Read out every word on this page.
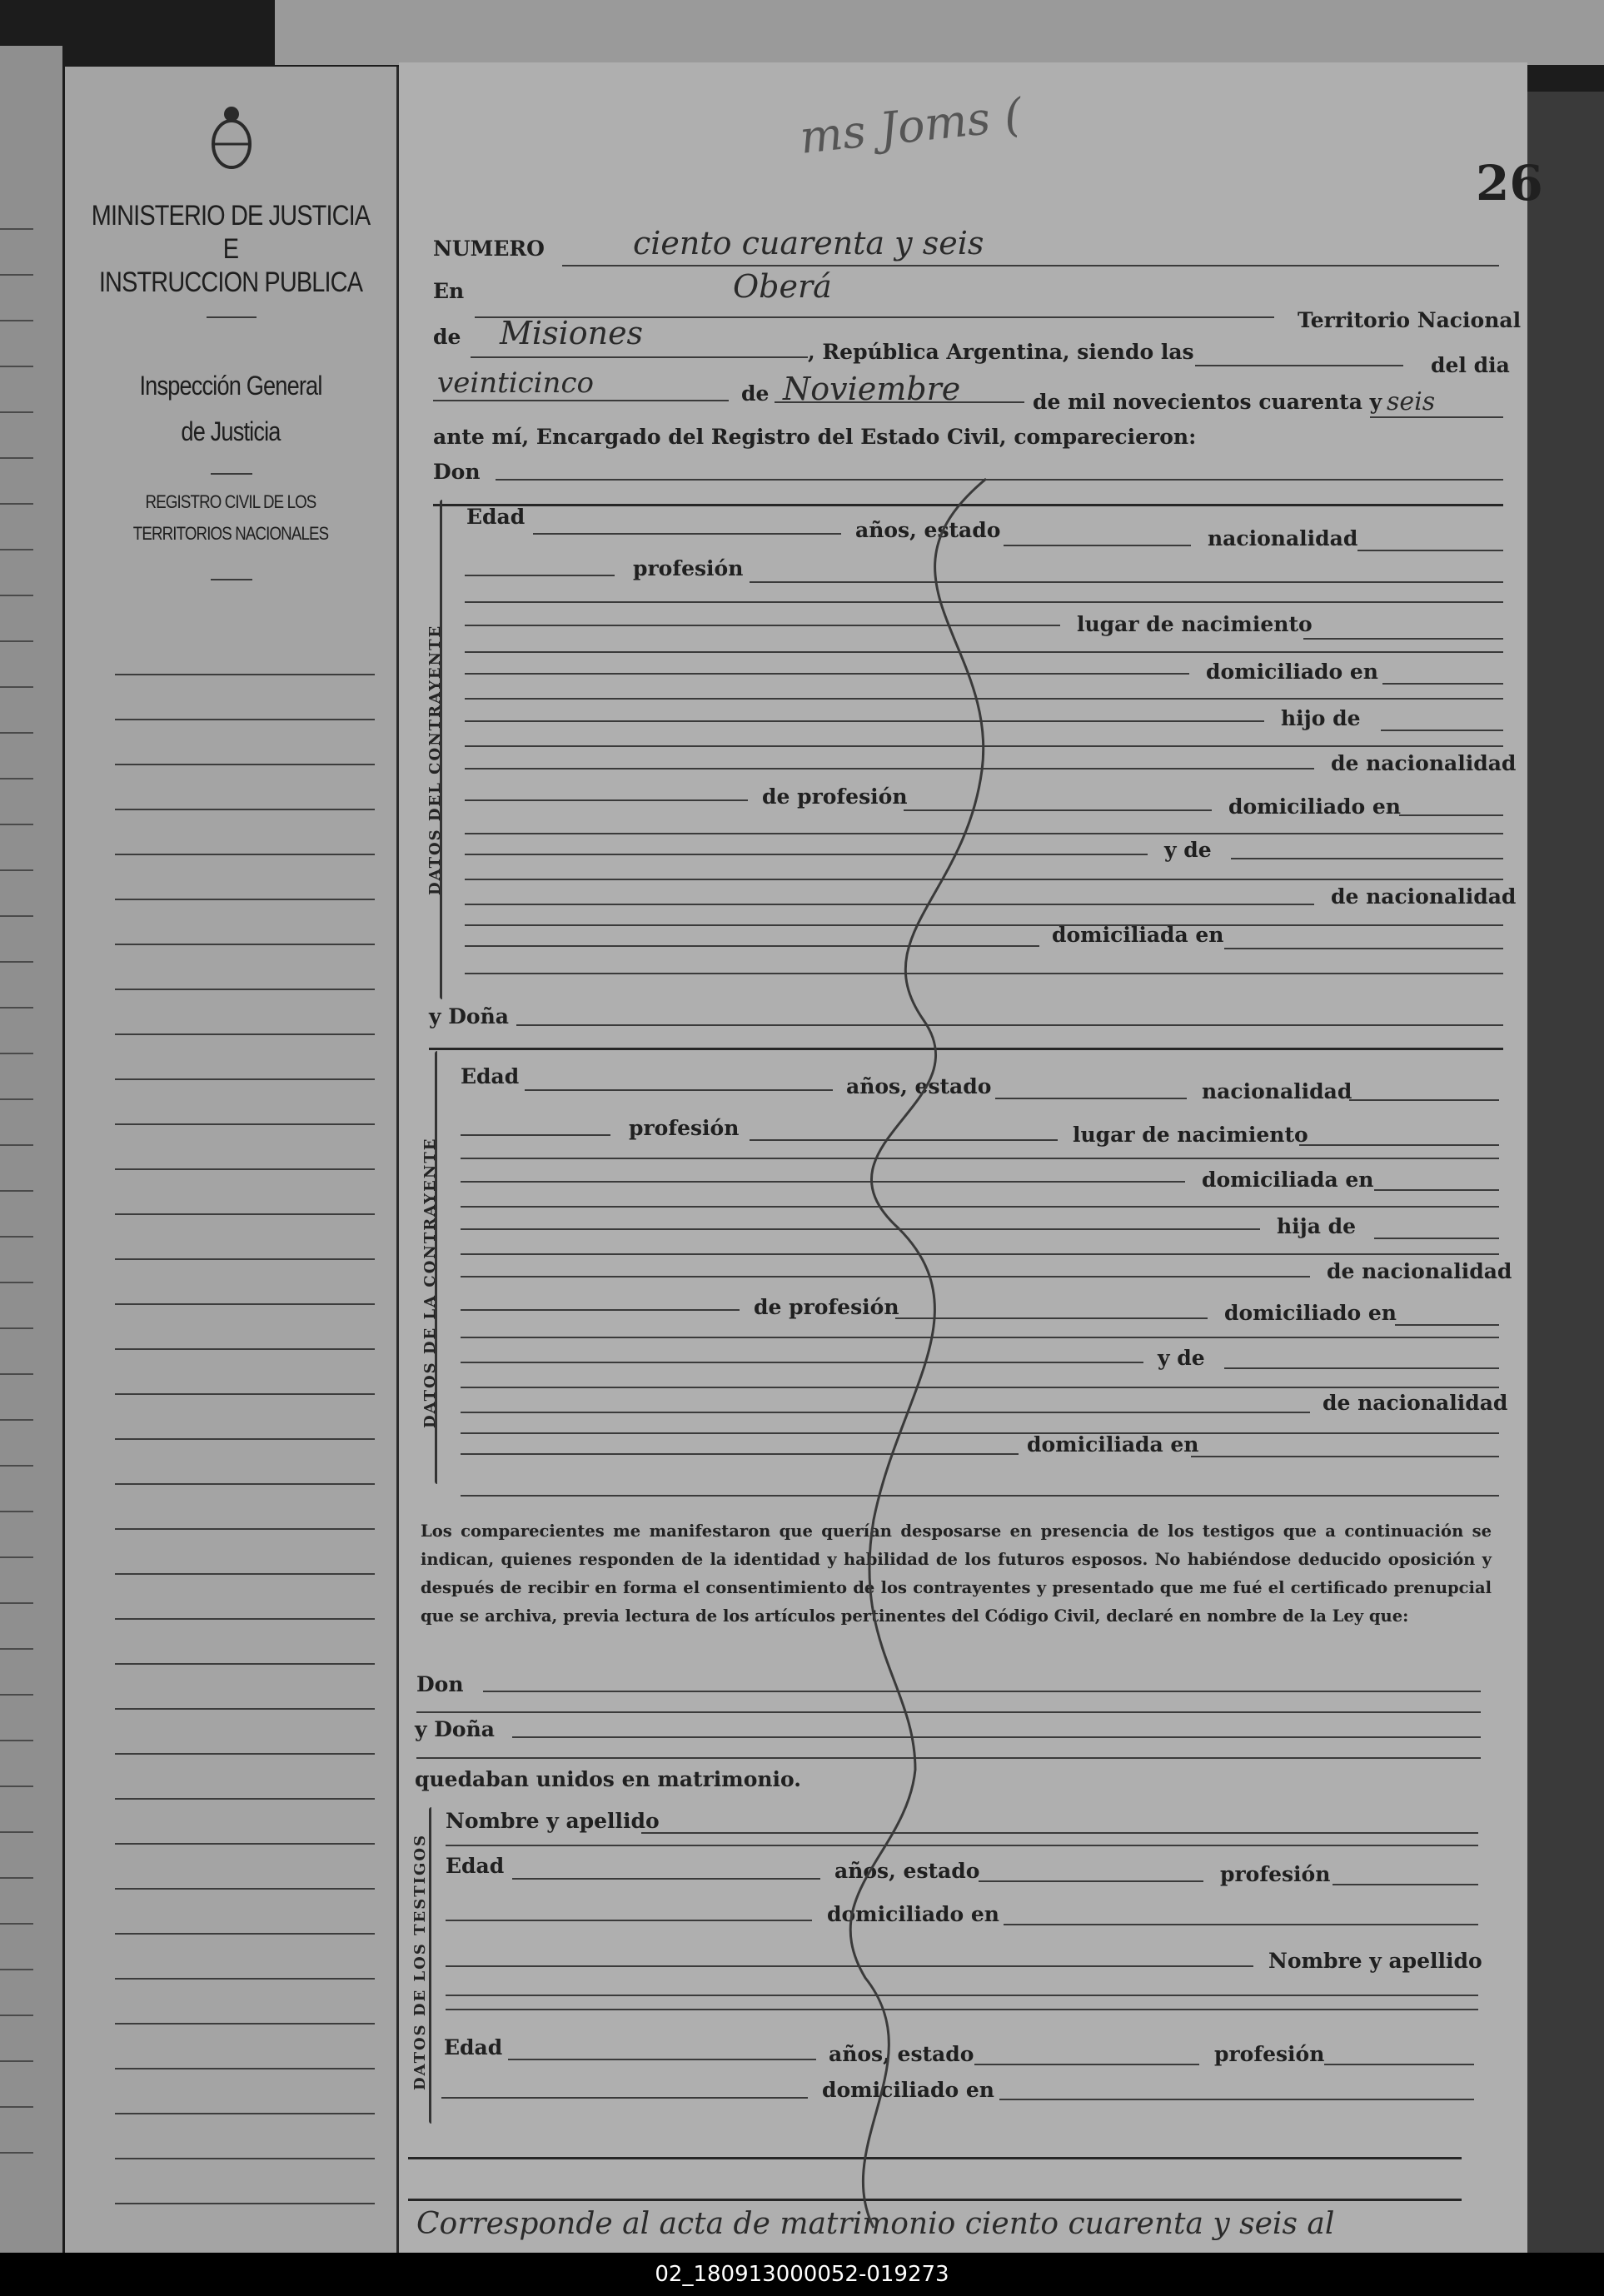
MINISTERIO DE JUSTICIA
E
INSTRUCCION PUBLICA
Inspección General
de Justicia
REGISTRO CIVIL DE LOS
TERRITORIOS NACIONALES
ms Joms (
26
NUMERO	ciento cuarenta y seis
En	Oberá
Territorio Nacional
de Misiones
, República Argentina, siendo las
del dia
veinticinco	de Noviembre	de mil novecientos cuarenta y seis
ante mí, Encargado del Registro del Estado Civil, comparecieron:
Don
DATOS DEL CONTRAYENTE
Edad
años, estado	nacionalidad
profesión
lugar de nacimiento
domiciliado en
hijo de
de nacionalidad
de profesión	domiciliado en
y de
de nacionalidad
domiciliada en
y Doña
DATOS DE LA CONTRAYENTE
Edad	años, estado	nacionalidad
profesión	lugar de nacimiento
domiciliada en
hija de
de nacionalidad
de profesión	domiciliado en
y de
de nacionalidad
domiciliada en
Los comparecientes me manifestaron que querían desposarse en presencia de los testigos que a continuación se indican, quienes responden de la identidad y habilidad de los futuros esposos. No habiéndose deducido oposición y después de recibir en forma el consentimiento de los contrayentes y presentado que me fué el certificado prenupcial que se archiva, previa lectura de los artículos pertinentes del Código Civil, declaré en nombre de la Ley que:
Don
y Doña
quedaban unidos en matrimonio.
DATOS DE LOS TESTIGOS
Nombre y apellido
Edad	años, estado	profesión
domiciliado en
Nombre y apellido
Edad	años, estado	profesión
domiciliado en
Corresponde al acta de matrimonio ciento cuarenta y seis al
02_180913000052-019273
